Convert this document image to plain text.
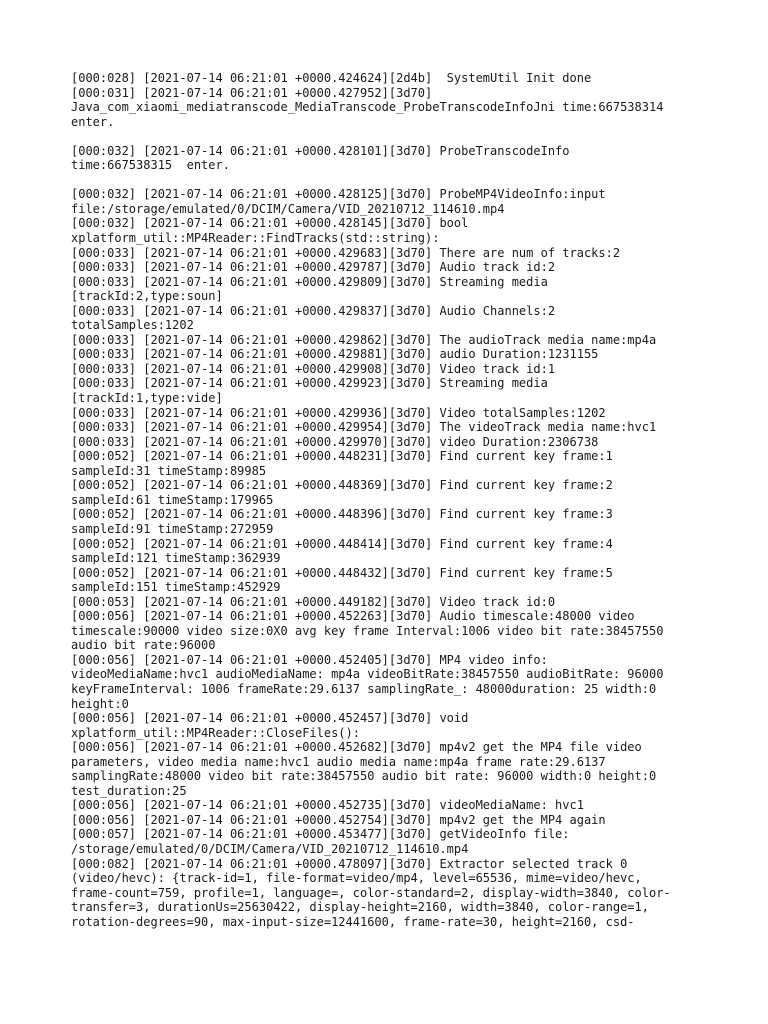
[000:028] [2021-07-14 06:21:01 +0000.424624][2d4b]  SystemUtil Init done
[000:031] [2021-07-14 06:21:01 +0000.427952][3d70]
Java_com_xiaomi_mediatranscode_MediaTranscode_ProbeTranscodeInfoJni time:667538314
enter.
[000:032] [2021-07-14 06:21:01 +0000.428101][3d70] ProbeTranscodeInfo
time:667538315  enter.
[000:032] [2021-07-14 06:21:01 +0000.428125][3d70] ProbeMP4VideoInfo:input
file:/storage/emulated/0/DCIM/Camera/VID_20210712_114610.mp4
[000:032] [2021-07-14 06:21:01 +0000.428145][3d70] bool
xplatform_util::MP4Reader::FindTracks(std::string):
[000:033] [2021-07-14 06:21:01 +0000.429683][3d70] There are num of tracks:2
[000:033] [2021-07-14 06:21:01 +0000.429787][3d70] Audio track id:2
[000:033] [2021-07-14 06:21:01 +0000.429809][3d70] Streaming media
[trackId:2,type:soun]
[000:033] [2021-07-14 06:21:01 +0000.429837][3d70] Audio Channels:2
totalSamples:1202
[000:033] [2021-07-14 06:21:01 +0000.429862][3d70] The audioTrack media name:mp4a
[000:033] [2021-07-14 06:21:01 +0000.429881][3d70] audio Duration:1231155
[000:033] [2021-07-14 06:21:01 +0000.429908][3d70] Video track id:1
[000:033] [2021-07-14 06:21:01 +0000.429923][3d70] Streaming media
[trackId:1,type:vide]
[000:033] [2021-07-14 06:21:01 +0000.429936][3d70] Video totalSamples:1202
[000:033] [2021-07-14 06:21:01 +0000.429954][3d70] The videoTrack media name:hvc1
[000:033] [2021-07-14 06:21:01 +0000.429970][3d70] video Duration:2306738
[000:052] [2021-07-14 06:21:01 +0000.448231][3d70] Find current key frame:1
sampleId:31 timeStamp:89985
[000:052] [2021-07-14 06:21:01 +0000.448369][3d70] Find current key frame:2
sampleId:61 timeStamp:179965
[000:052] [2021-07-14 06:21:01 +0000.448396][3d70] Find current key frame:3
sampleId:91 timeStamp:272959
[000:052] [2021-07-14 06:21:01 +0000.448414][3d70] Find current key frame:4
sampleId:121 timeStamp:362939
[000:052] [2021-07-14 06:21:01 +0000.448432][3d70] Find current key frame:5
sampleId:151 timeStamp:452929
[000:053] [2021-07-14 06:21:01 +0000.449182][3d70] Video track id:0
[000:056] [2021-07-14 06:21:01 +0000.452263][3d70] Audio timescale:48000 video
timescale:90000 video size:0X0 avg key frame Interval:1006 video bit rate:38457550
audio bit rate:96000
[000:056] [2021-07-14 06:21:01 +0000.452405][3d70] MP4 video info:
videoMediaName:hvc1 audioMediaName: mp4a videoBitRate:38457550 audioBitRate: 96000
keyFrameInterval: 1006 frameRate:29.6137 samplingRate_: 48000duration: 25 width:0
height:0
[000:056] [2021-07-14 06:21:01 +0000.452457][3d70] void
xplatform_util::MP4Reader::CloseFiles():
[000:056] [2021-07-14 06:21:01 +0000.452682][3d70] mp4v2 get the MP4 file video
parameters, video media name:hvc1 audio media name:mp4a frame rate:29.6137
samplingRate:48000 video bit rate:38457550 audio bit rate: 96000 width:0 height:0
test_duration:25
[000:056] [2021-07-14 06:21:01 +0000.452735][3d70] videoMediaName: hvc1
[000:056] [2021-07-14 06:21:01 +0000.452754][3d70] mp4v2 get the MP4 again
[000:057] [2021-07-14 06:21:01 +0000.453477][3d70] getVideoInfo file:
/storage/emulated/0/DCIM/Camera/VID_20210712_114610.mp4
[000:082] [2021-07-14 06:21:01 +0000.478097][3d70] Extractor selected track 0
(video/hevc): {track-id=1, file-format=video/mp4, level=65536, mime=video/hevc,
frame-count=759, profile=1, language=, color-standard=2, display-width=3840, color-
transfer=3, durationUs=25630422, display-height=2160, width=3840, color-range=1,
rotation-degrees=90, max-input-size=12441600, frame-rate=30, height=2160, csd-
